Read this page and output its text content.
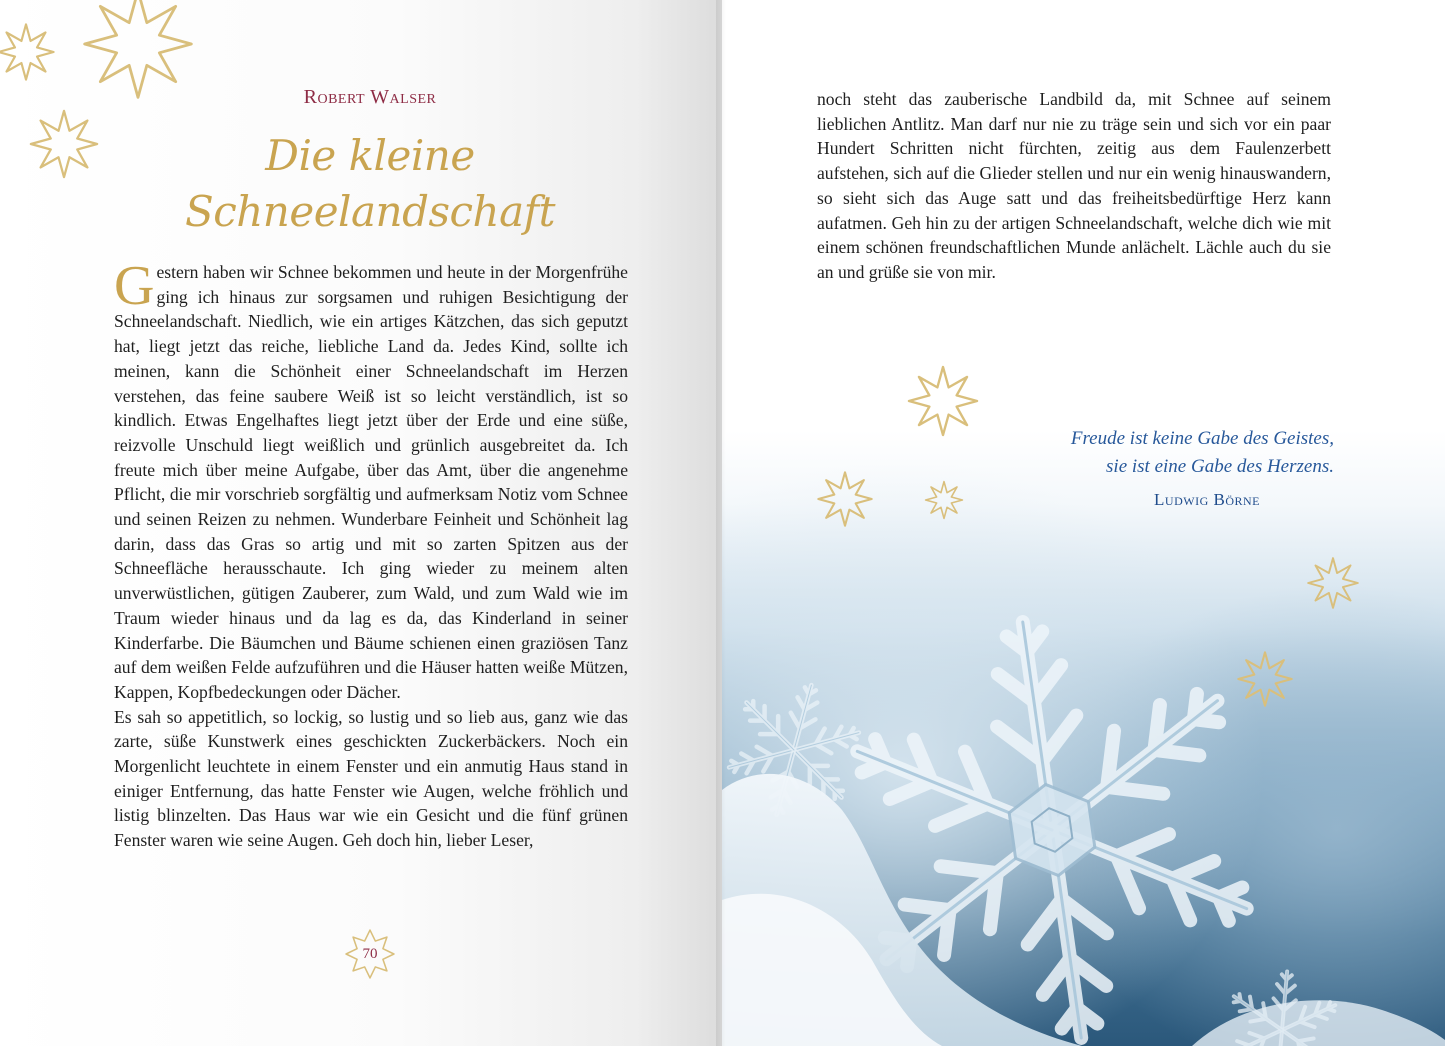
Robert Walser
Die kleine
Schneelandschaft

Gestern haben wir Schnee bekommen und heute in der Morgenfrühe ging ich hinaus zur sorgsamen und ruhigen Besichtigung der Schneelandschaft. Niedlich, wie ein artiges Kätzchen, das sich geputzt hat, liegt jetzt das reiche, liebliche Land da. Jedes Kind, sollte ich meinen, kann die Schönheit einer Schneelandschaft im Herzen verstehen, das feine saubere Weiß ist so leicht verständlich, ist so kindlich. Etwas Engelhaftes liegt jetzt über der Erde und eine süße, reizvolle Unschuld liegt weißlich und grünlich ausgebreitet da. Ich freute mich über meine Aufgabe, über das Amt, über die angenehme Pflicht, die mir vorschrieb sorgfältig und aufmerksam Notiz vom Schnee und seinen Reizen zu nehmen. Wunderbare Feinheit und Schönheit lag darin, dass das Gras so artig und mit so zarten Spitzen aus der Schneefläche herausschaute. Ich ging wieder zu meinem alten unverwüstlichen, gütigen Zauberer, zum Wald, und zum Wald wie im Traum wieder hinaus und da lag es da, das Kinderland in seiner Kinderfarbe. Die Bäumchen und Bäume schienen einen graziösen Tanz auf dem weißen Felde aufzuführen und die Häuser hatten weiße Mützen, Kappen, Kopfbedeckungen oder Dächer.

Es sah so appetitlich, so lockig, so lustig und so lieb aus, ganz wie das zarte, süße Kunstwerk eines geschickten Zuckerbäckers. Noch ein Morgenlicht leuchtete in einem Fenster und ein anmutig Haus stand in einiger Entfernung, das hatte Fenster wie Augen, welche fröhlich und listig blinzelten. Das Haus war wie ein Gesicht und die fünf grünen Fenster waren wie seine Augen. Geh doch hin, lieber Leser,

70

noch steht das zauberische Landbild da, mit Schnee auf seinem lieblichen Antlitz. Man darf nur nie zu träge sein und sich vor ein paar Hundert Schritten nicht fürchten, zeitig aus dem Faulenzerbett aufstehen, sich auf die Glieder stellen und nur ein wenig hinauswandern, so sieht sich das Auge satt und das freiheitsbedürftige Herz kann aufatmen. Geh hin zu der artigen Schneelandschaft, welche dich wie mit einem schönen freundschaftlichen Munde anlächelt. Lächle auch du sie an und grüße sie von mir.

Freude ist keine Gabe des Geistes,
sie ist eine Gabe des Herzens.
Ludwig Börne
